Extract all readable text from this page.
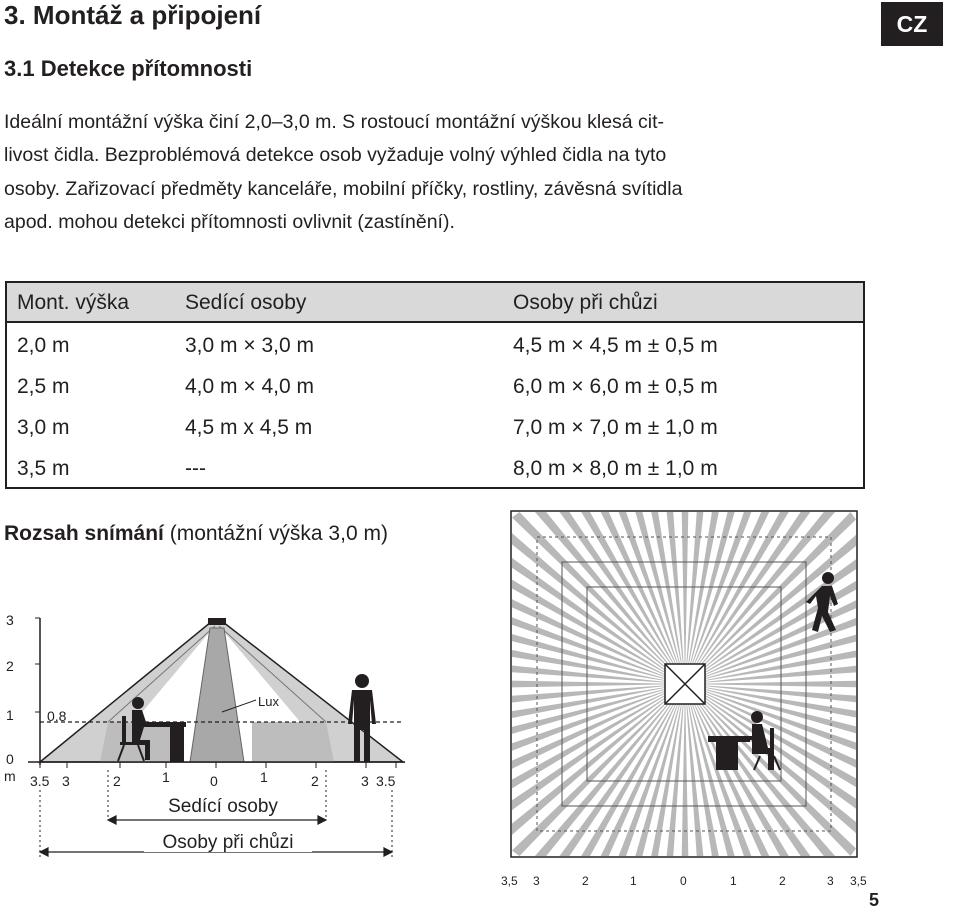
3. Montáž a připojení	CZ
3.1 Detekce přítomnosti

Ideální montážní výška činí 2,0–3,0 m. S rostoucí montážní výškou klesá cit-

livost čidla. Bezproblémová detekce osob vyžaduje volný výhled čidla na tyto

osoby. Zařizovací předměty kanceláře, mobilní příčky, rostliny, závěsná svítidla

apod. mohou detekci přítomnosti ovlivnit (zastínění).

Mont. výška	Sedící osoby	Osoby při chůzi
2,0 m	3,0 m × 3,0 m	4,5 m × 4,5 m ± 0,5 m
2,5 m	4,0 m × 4,0 m	6,0 m × 6,0 m ± 0,5 m
3,0 m	4,5 m x 4,5 m	7,0 m × 7,0 m ± 1,0 m
3,5 m	---	8,0 m × 8,0 m ± 1,0 m
Rozsah snímání (montážní výška 3,0 m)
3
2
1
0
m
0.8
Lux
3.5 3	2	1	0	1	2	3 3.5
Sedící osoby
Osoby při chůzi
3,5 3	2	1	0	1	2	3 3,5
5
